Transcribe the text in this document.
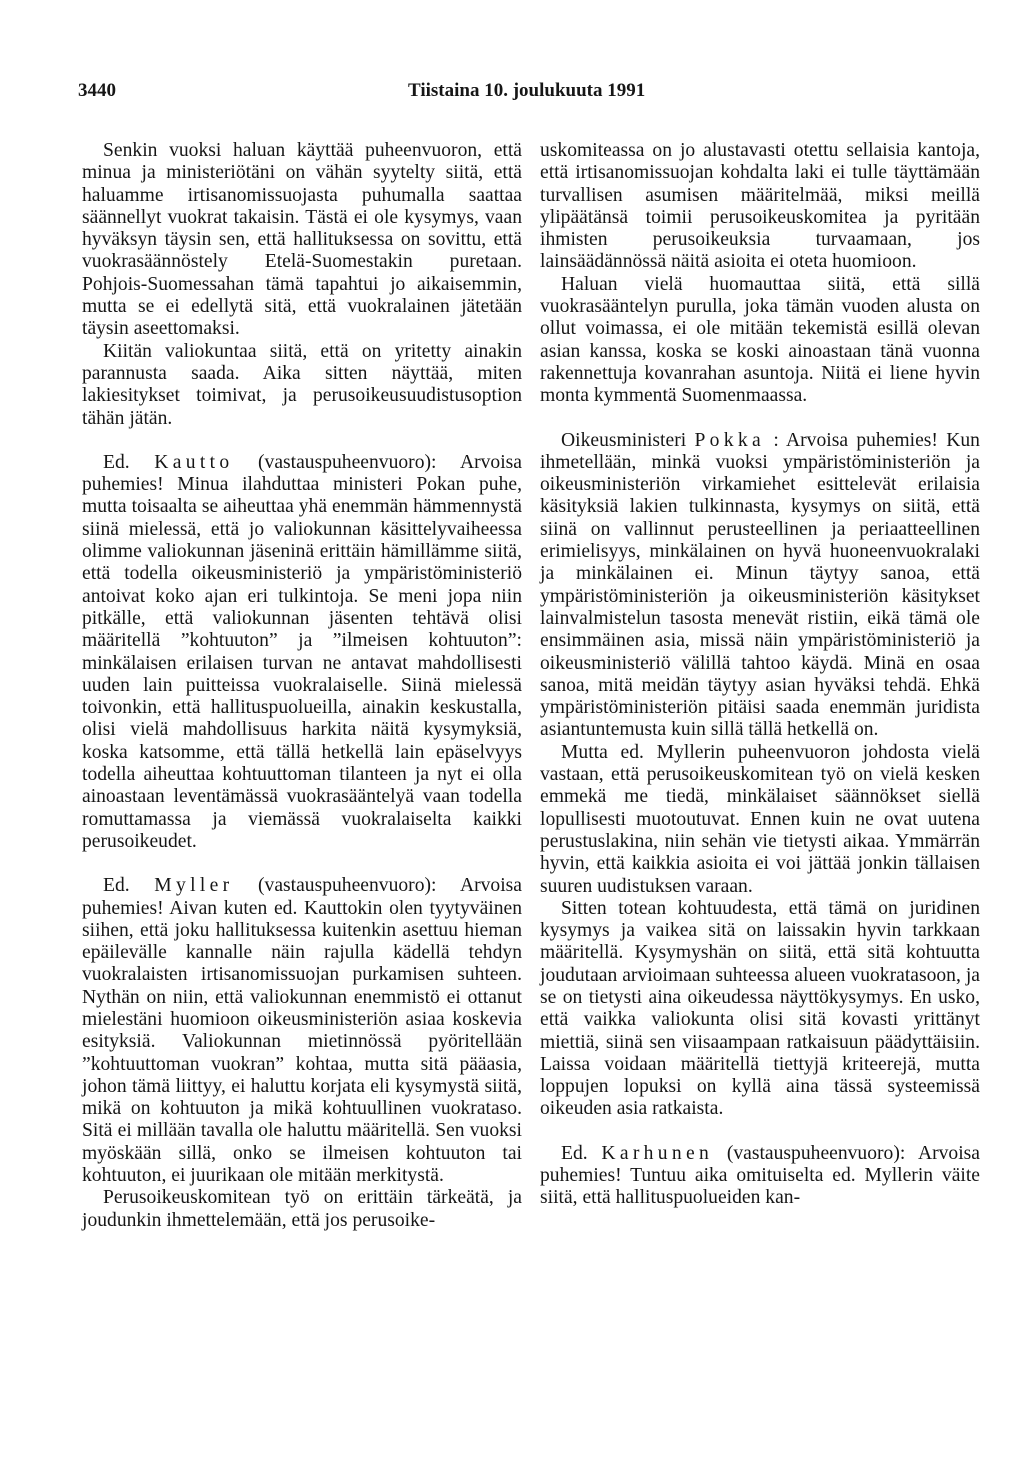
3440	Tiistaina 10. joulukuuta 1991

Senkin vuoksi haluan käyttää puheenvuoron, että minua ja ministeriötäni on vähän syytelty siitä, että haluamme irtisanomissuojasta puhumalla saattaa säännellyt vuokrat takaisin. Tästä ei ole kysymys, vaan hyväksyn täysin sen, että hallituksessa on sovittu, että vuokrasäännöstely Etelä-Suomestakin puretaan. Pohjois-Suomessahan tämä tapahtui jo aikaisemmin, mutta se ei edellytä sitä, että vuokralainen jätetään täysin aseettomaksi.

Kiitän valiokuntaa siitä, että on yritetty ainakin parannusta saada. Aika sitten näyttää, miten lakiesitykset toimivat, ja perusoikeusuudistusoption tähän jätän.

Ed. Kautto (vastauspuheenvuoro): Arvoisa puhemies! Minua ilahduttaa ministeri Pokan puhe, mutta toisaalta se aiheuttaa yhä enemmän hämmennystä siinä mielessä, että jo valiokunnan käsittelyvaiheessa olimme valiokunnan jäseninä erittäin hämillämme siitä, että todella oikeusministeriö ja ympäristöministeriö antoivat koko ajan eri tulkintoja. Se meni jopa niin pitkälle, että valiokunnan jäsenten tehtävä olisi määritellä ”kohtuuton” ja ”ilmeisen kohtuuton”: minkälaisen erilaisen turvan ne antavat mahdollisesti uuden lain puitteissa vuokralaiselle. Siinä mielessä toivonkin, että hallituspuolueilla, ainakin keskustalla, olisi vielä mahdollisuus harkita näitä kysymyksiä, koska katsomme, että tällä hetkellä lain epäselvyys todella aiheuttaa kohtuuttoman tilanteen ja nyt ei olla ainoastaan leventämässä vuokrasääntelyä vaan todella romuttamassa ja viemässä vuokralaiselta kaikki perusoikeudet.

Ed. Myller (vastauspuheenvuoro): Arvoisa puhemies! Aivan kuten ed. Kauttokin olen tyytyväinen siihen, että joku hallituksessa kuitenkin asettuu hieman epäilevälle kannalle näin rajulla kädellä tehdyn vuokralaisten irtisanomissuojan purkamisen suhteen. Nythän on niin, että valiokunnan enemmistö ei ottanut mielestäni huomioon oikeusministeriön asiaa koskevia esityksiä. Valiokunnan mietinnössä pyöritellään ”kohtuuttoman vuokran” kohtaa, mutta sitä pääasia, johon tämä liittyy, ei haluttu korjata eli kysymystä siitä, mikä on kohtuuton ja mikä kohtuullinen vuokrataso. Sitä ei millään tavalla ole haluttu määritellä. Sen vuoksi myöskään sillä, onko se ilmeisen kohtuuton tai kohtuuton, ei juurikaan ole mitään merkitystä.

Perusoikeuskomitean työ on erittäin tärkeätä, ja joudunkin ihmettelemään, että jos perusoike-

uskomiteassa on jo alustavasti otettu sellaisia kantoja, että irtisanomissuojan kohdalta laki ei tulle täyttämään turvallisen asumisen määritelmää, miksi meillä ylipäätänsä toimii perusoikeuskomitea ja pyritään ihmisten perusoikeuksia turvaamaan, jos lainsäädännössä näitä asioita ei oteta huomioon.

Haluan vielä huomauttaa siitä, että sillä vuokrasääntelyn purulla, joka tämän vuoden alusta on ollut voimassa, ei ole mitään tekemistä esillä olevan asian kanssa, koska se koski ainoastaan tänä vuonna rakennettuja kovanrahan asuntoja. Niitä ei liene hyvin monta kymmentä Suomenmaassa.

Oikeusministeri Pokka : Arvoisa puhemies! Kun ihmetellään, minkä vuoksi ympäristöministeriön ja oikeusministeriön virkamiehet esittelevät erilaisia käsityksiä lakien tulkinnasta, kysymys on siitä, että siinä on vallinnut perusteellinen ja periaatteellinen erimielisyys, minkälainen on hyvä huoneenvuokralaki ja minkälainen ei. Minun täytyy sanoa, että ympäristöministeriön ja oikeusministeriön käsitykset lainvalmistelun tasosta menevät ristiin, eikä tämä ole ensimmäinen asia, missä näin ympäristöministeriö ja oikeusministeriö välillä tahtoo käydä. Minä en osaa sanoa, mitä meidän täytyy asian hyväksi tehdä. Ehkä ympäristöministeriön pitäisi saada enemmän juridista asiantuntemusta kuin sillä tällä hetkellä on.

Mutta ed. Myllerin puheenvuoron johdosta vielä vastaan, että perusoikeuskomitean työ on vielä kesken emmekä me tiedä, minkälaiset säännökset siellä lopullisesti muotoutuvat. Ennen kuin ne ovat uutena perustuslakina, niin sehän vie tietysti aikaa. Ymmärrän hyvin, että kaikkia asioita ei voi jättää jonkin tällaisen suuren uudistuksen varaan.

Sitten totean kohtuudesta, että tämä on juridinen kysymys ja vaikea sitä on laissakin hyvin tarkkaan määritellä. Kysymyshän on siitä, että sitä kohtuutta joudutaan arvioimaan suhteessa alueen vuokratasoon, ja se on tietysti aina oikeudessa näyttökysymys. En usko, että vaikka valiokunta olisi sitä kovasti yrittänyt miettiä, siinä sen viisaampaan ratkaisuun päädyttäisiin. Laissa voidaan määritellä tiettyjä kriteerejä, mutta loppujen lopuksi on kyllä aina tässä systeemissä oikeuden asia ratkaista.

Ed. Karhunen (vastauspuheenvuoro): Arvoisa puhemies! Tuntuu aika omituiselta ed. Myllerin väite siitä, että hallituspuolueiden kan-
